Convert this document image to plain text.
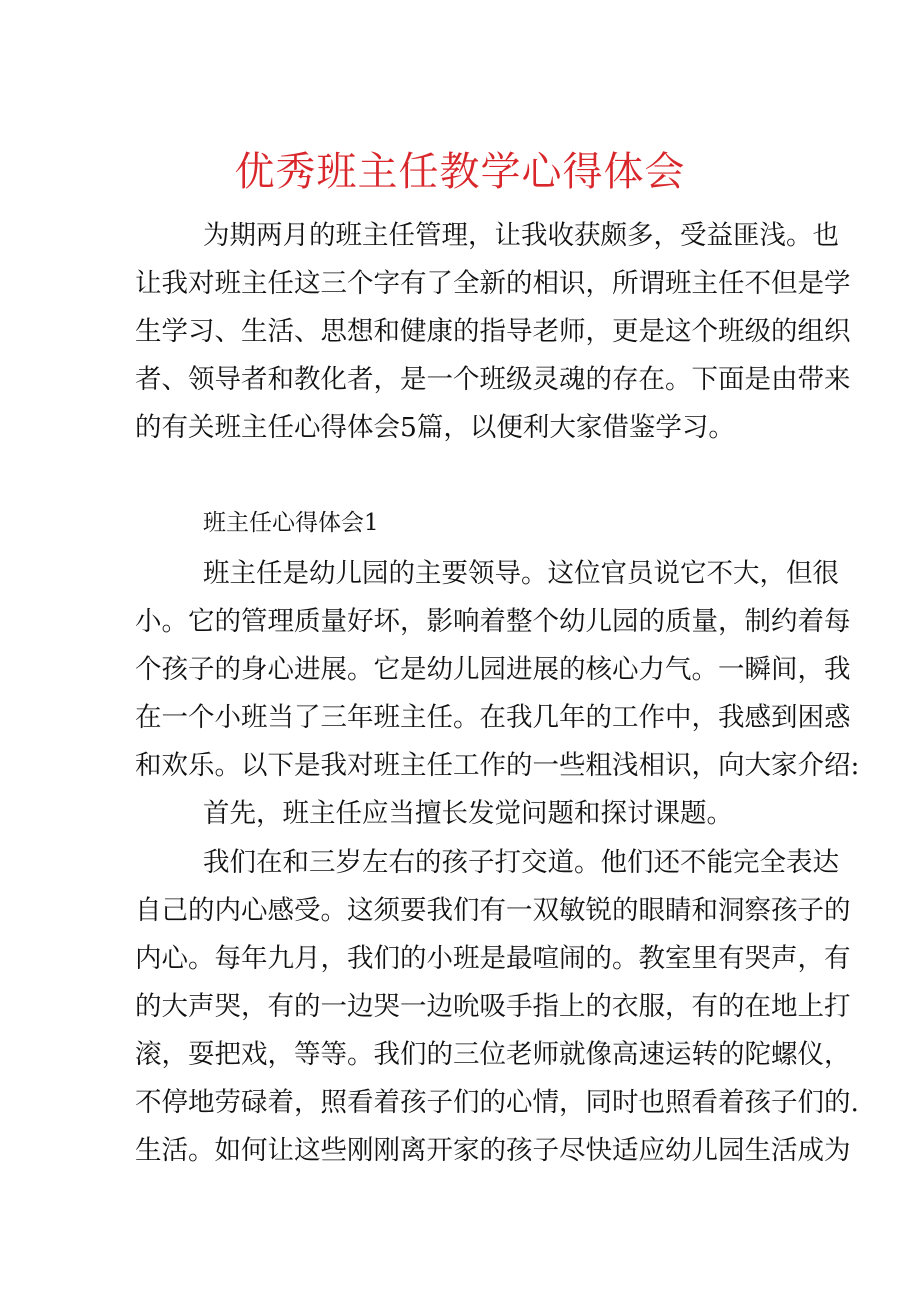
优秀班主任教学心得体会
为期两月的班主任管理，让我收获颇多，受益匪浅。也
让我对班主任这三个字有了全新的相识，所谓班主任不但是学
生学习、生活、思想和健康的指导老师，更是这个班级的组织
者、领导者和教化者，是一个班级灵魂的存在。下面是由带来
的有关班主任心得体会5篇，以便利大家借鉴学习。
班主任心得体会1
班主任是幼儿园的主要领导。这位官员说它不大，但很
小。它的管理质量好坏，影响着整个幼儿园的质量，制约着每
个孩子的身心进展。它是幼儿园进展的核心力气。一瞬间，我
在一个小班当了三年班主任。在我几年的工作中，我感到困惑
和欢乐。以下是我对班主任工作的一些粗浅相识，向大家介绍:
首先，班主任应当擅长发觉问题和探讨课题。
我们在和三岁左右的孩子打交道。他们还不能完全表达
自己的内心感受。这须要我们有一双敏锐的眼睛和洞察孩子的
内心。每年九月，我们的小班是最喧闹的。教室里有哭声，有
的大声哭，有的一边哭一边吮吸手指上的衣服，有的在地上打
滚，耍把戏，等等。我们的三位老师就像高速运转的陀螺仪，
不停地劳碌着，照看着孩子们的心情，同时也照看着孩子们的.
生活。如何让这些刚刚离开家的孩子尽快适应幼儿园生活成为
